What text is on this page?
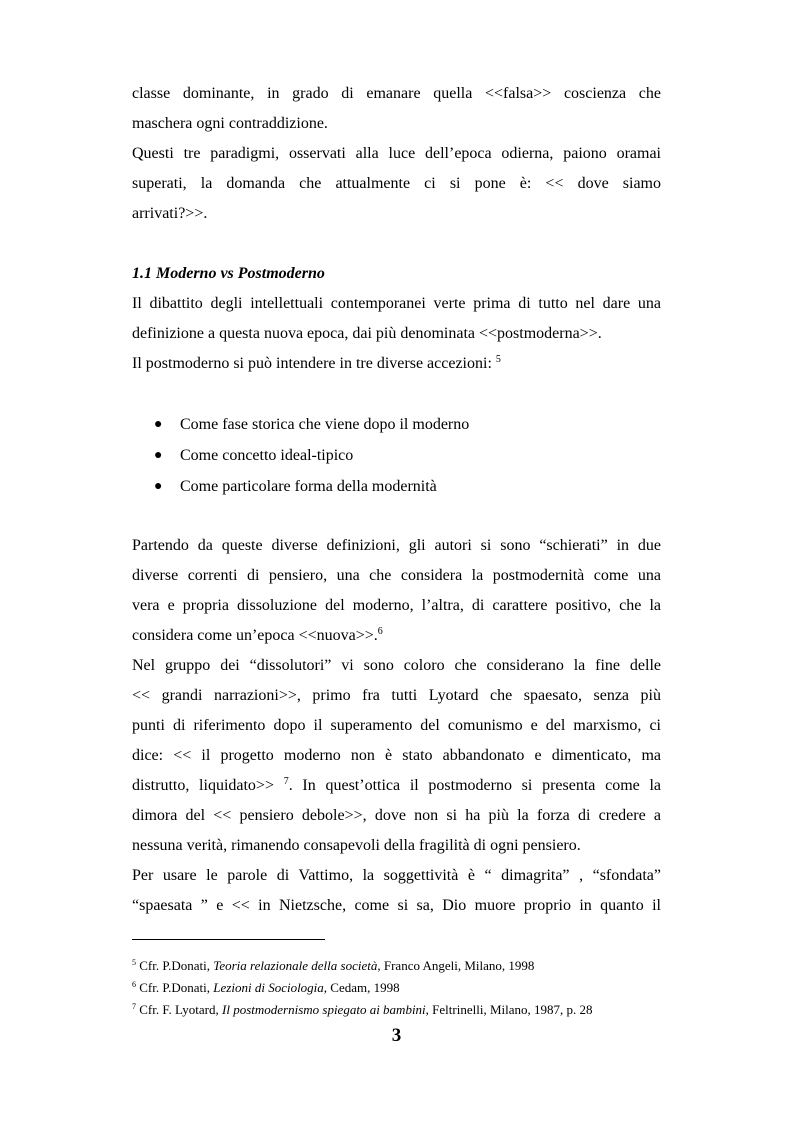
classe dominante, in grado di emanare quella <<falsa>> coscienza che
maschera ogni contraddizione.
Questi tre paradigmi, osservati alla luce dell’epoca odierna, paiono oramai
superati, la domanda che attualmente ci si pone è: << dove siamo
arrivati?>>.
1.1 Moderno vs Postmoderno
Il dibattito degli intellettuali contemporanei verte prima di tutto nel dare una
definizione a questa nuova epoca, dai più denominata <<postmoderna>>.
Il postmoderno si può intendere in tre diverse accezioni: $^5$
●	Come fase storica che viene dopo il moderno
●	Come concetto ideal-tipico
●	Come particolare forma della modernità
Partendo da queste diverse definizioni, gli autori si sono “schierati” in due
diverse correnti di pensiero, una che considera la postmodernità come una
vera e propria dissoluzione del moderno, l’altra, di carattere positivo, che la
considera come un’epoca <<nuova>>.$^6$
Nel gruppo dei “dissolutori” vi sono coloro che considerano la fine delle
<< grandi narrazioni>>, primo fra tutti Lyotard che spaesato, senza più
punti di riferimento dopo il superamento del comunismo e del marxismo, ci
dice: << il progetto moderno non è stato abbandonato e dimenticato, ma
distrutto, liquidato>> $^7$. In quest’ottica il postmoderno si presenta come la
dimora del << pensiero debole>>, dove non si ha più la forza di credere a
nessuna verità, rimanendo consapevoli della fragilità di ogni pensiero.
Per usare le parole di Vattimo, la soggettività è “ dimagrita” , “sfondata”
“spaesata ” e << in Nietzsche, come si sa, Dio muore proprio in quanto il
$^5$ Cfr. P.Donati, Teoria relazionale della società, Franco Angeli, Milano, 1998
$^6$ Cfr. P.Donati, Lezioni di Sociologia, Cedam, 1998
$^7$ Cfr. F. Lyotard, Il postmodernismo spiegato ai bambini, Feltrinelli, Milano, 1987, p. 28
3
